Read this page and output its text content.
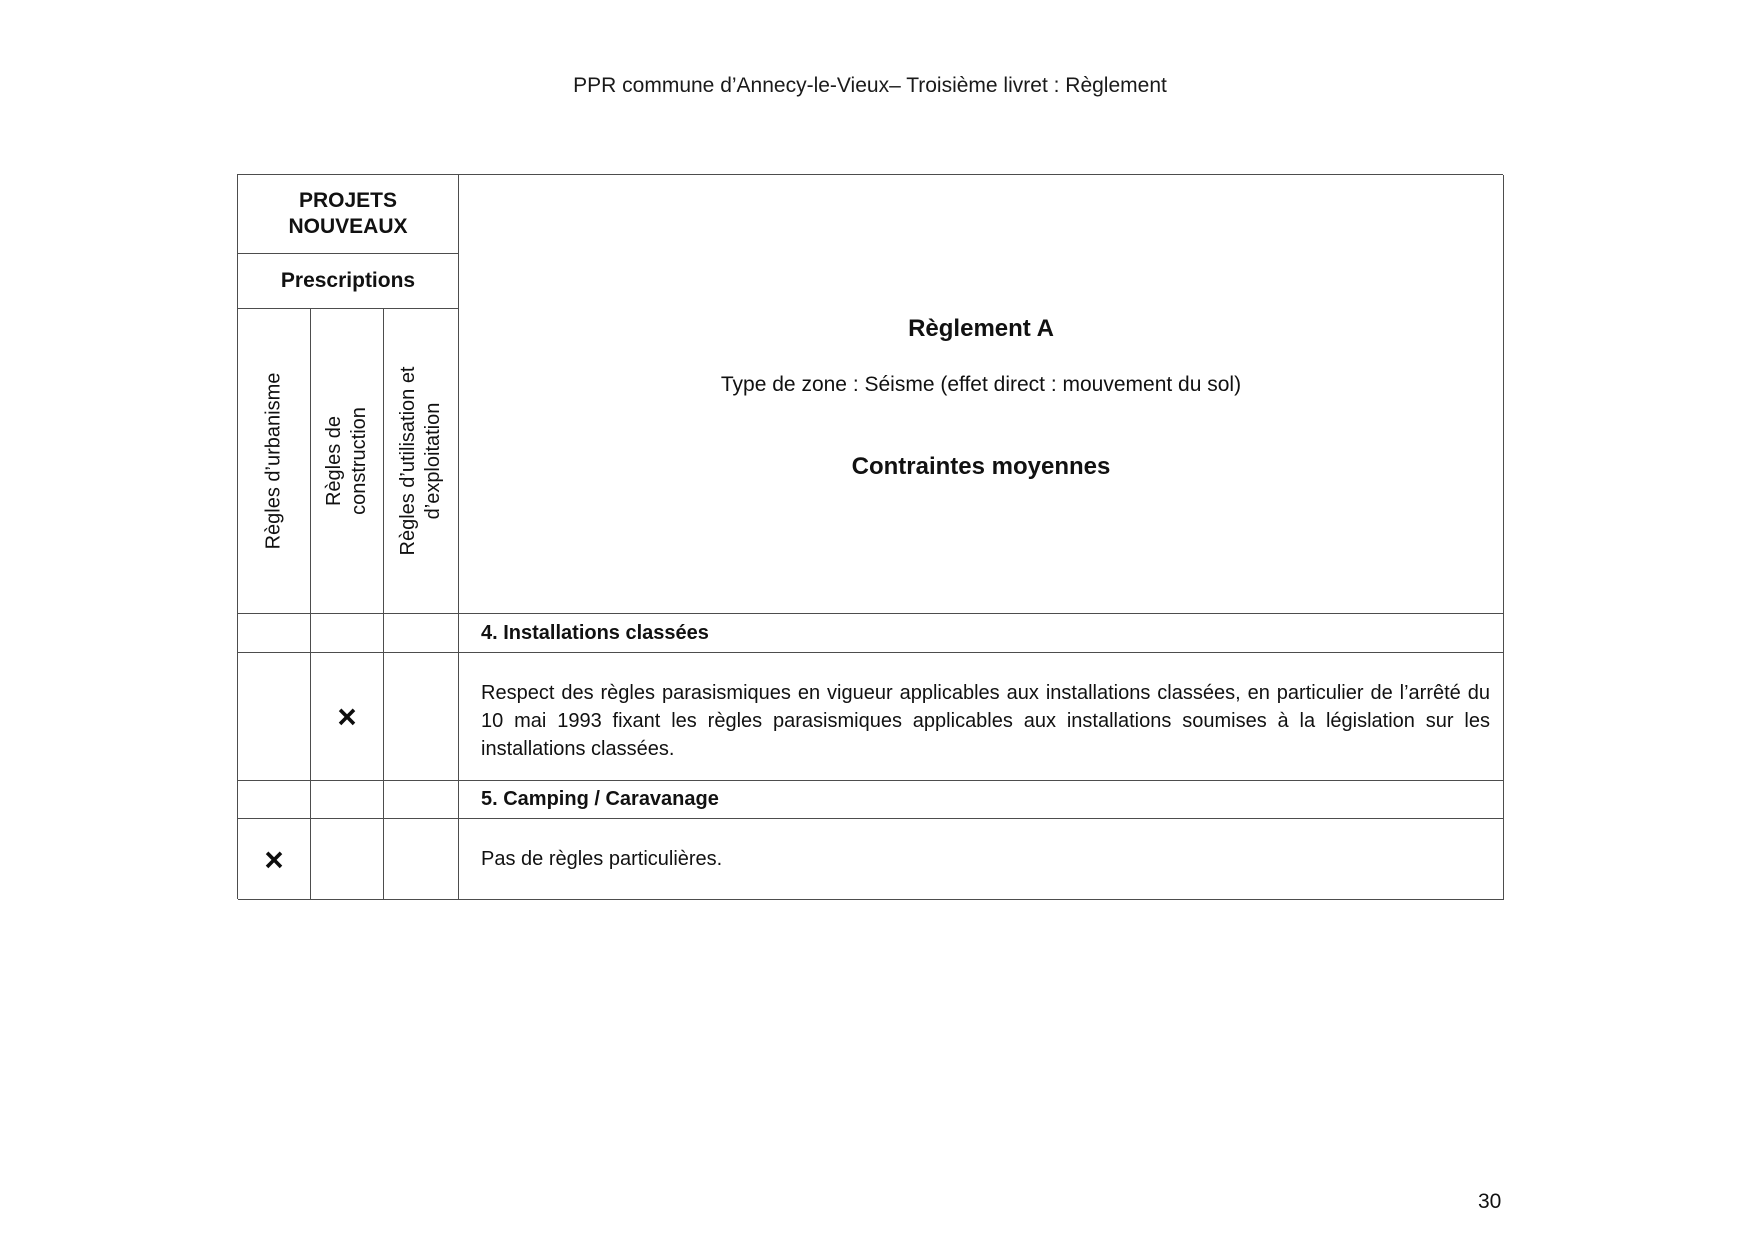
PPR commune d’Annecy-le-Vieux– Troisième livret : Règlement
PROJETS NOUVEAUX
Prescriptions
Règles d’urbanisme Règles de construction Règles d’utilisation et d’exploitation
Règlement A
Type de zone : Séisme (effet direct : mouvement du sol)
Contraintes moyennes
4. Installations classées
×
Respect des règles parasismiques en vigueur applicables aux installations classées, en particulier de l’arrêté du 10 mai 1993 fixant les règles parasismiques applicables aux installations soumises à la législation sur les installations classées.
5. Camping / Caravanage
×	Pas de règles particulières.
30
